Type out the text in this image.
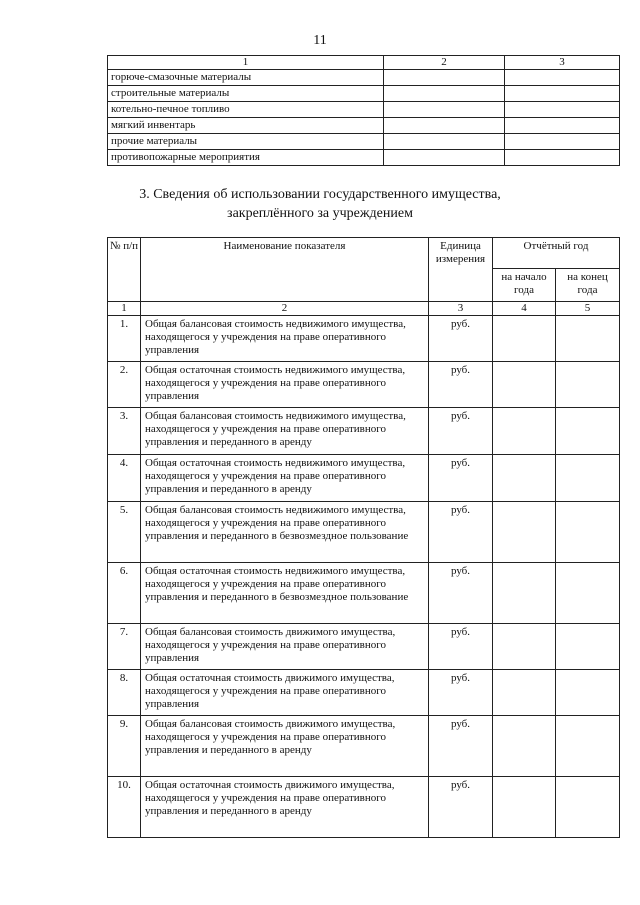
11
1	2	3
горюче-смазочные материалы		
строительные материалы		
котельно-печное топливо		
мягкий инвентарь		
прочие материалы		
противопожарные мероприятия		
3. Сведения об использовании государственного имущества,
закреплённого за учреждением
№ п/п	Наименование показателя	Единица измерения	Отчётный год	
			на начало года	на конец года
1	2	3	4	5
1.	Общая балансовая стоимость недвижимого имущества, находящегося у учреждения на праве оперативного управления	руб.		
2.	Общая остаточная стоимость недвижимого имущества, находящегося у учреждения на праве оперативного управления	руб.		
3.	Общая балансовая стоимость недвижимого имущества, находящегося у учреждения на праве оперативного управления и переданного в аренду	руб.		
4.	Общая остаточная стоимость недвижимого имущества, находящегося у учреждения на праве оперативного управления и переданного в аренду	руб.		
5.	Общая балансовая стоимость недвижимого имущества, находящегося у учреждения на праве оперативного управления и переданного в безвозмездное пользование	руб.		
6.	Общая остаточная стоимость недвижимого имущества, находящегося у учреждения на праве оперативного управления и переданного в безвозмездное пользование	руб.		
7.	Общая балансовая стоимость движимого имущества, находящегося у учреждения на праве оперативного управления	руб.		
8.	Общая остаточная стоимость движимого имущества, находящегося у учреждения на праве оперативного управления	руб.		
9.	Общая балансовая стоимость движимого имущества, находящегося у учреждения на праве оперативного управления и переданного в аренду	руб.		
10.	Общая остаточная стоимость движимого имущества, находящегося у учреждения на праве оперативного управления и переданного в аренду	руб.		
